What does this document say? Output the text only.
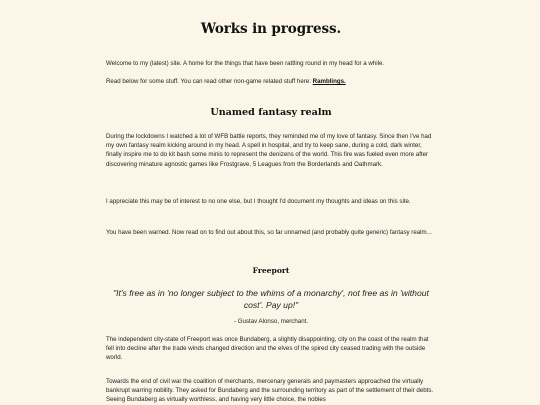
Works in progress.

Welcome to my (latest) site. A home for the things that have been rattling round in my head for a while.

Read below for some stuff. You can read other non-game related stuff here: Ramblings.

Unamed fantasy realm

During the lockdowns I watched a lot of WFB battle reports, they reminded me of my love of fantasy. Since then I've had my own fantasy realm kicking around in my head. A spell in hospital, and try to keep sane, during a cold, dark winter, finally inspire me to do kit bash some minis to represent the denizens of the world. This fire was fueled even more after discovering minature agnostic games like Frostgrave, 5 Leagues from the Borderlands and Oathmark.

I appreciate this may be of interest to no one else, but I thought I'd document my thoughts and ideas on this site.

You have been warned. Now read on to find out about this, so far unnamed (and probably quite generic) fantasy realm...

Freeport

"It's free as in 'no longer subject to the whims of a monarchy', not free as in 'without cost'. Pay up!"

- Gustav Alonso, merchant.

The independent city-state of Freeport was once Bundaberg, a slightly disappointing, city on the coast of the realm that fell into decline after the trade winds changed direction and the elves of the spired city ceased trading with the outside world.

Towards the end of civil war the coalition of merchants, mercenary generals and paymasters approached the virtually bankrupt warring nobility. They asked for Bundaberg and the surrounding territory as part of the settlement of their debts. Seeing Bundaberg as virtually worthless, and having very little choice, the nobles
